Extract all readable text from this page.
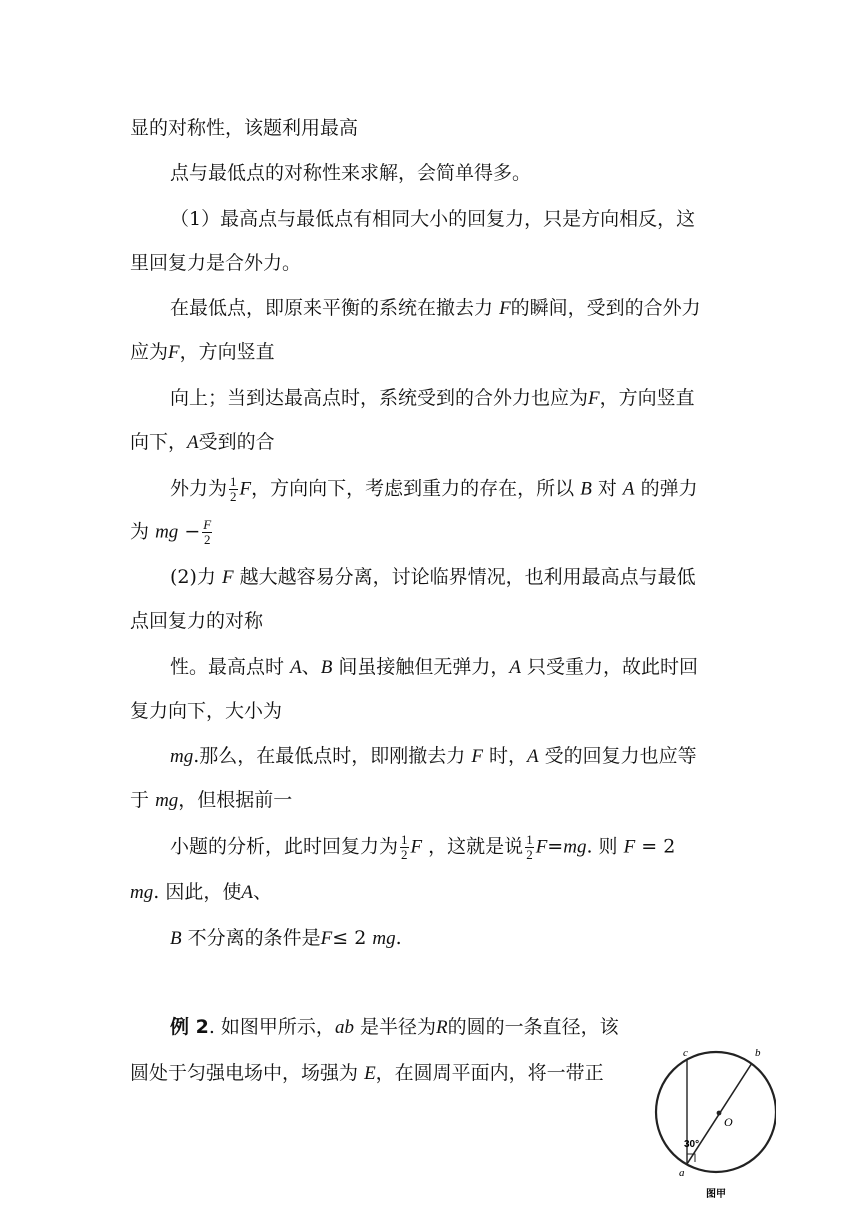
显的对称性，该题利用最高
点与最低点的对称性来求解，会简单得多。
（1）最高点与最低点有相同大小的回复力，只是方向相反，这
里回复力是合外力。
在最低点，即原来平衡的系统在撤去力 F的瞬间，受到的合外力
应为F，方向竖直
向上；当到达最高点时，系统受到的合外力也应为F，方向竖直
向下，A受到的合
外力为 $\frac{1}{2}$ F，方向向下，考虑到重力的存在，所以 B 对 A 的弹力
为 mg − $\frac{F}{2}$
(2)力 F 越大越容易分离，讨论临界情况，也利用最高点与最低
点回复力的对称
性。最高点时 A、B 间虽接触但无弹力，A 只受重力，故此时回
复力向下，大小为
mg.那么，在最低点时，即刚撤去力 F 时，A 受的回复力也应等
于 mg，但根据前一
小题的分析，此时回复力为 $\frac{1}{2}$ F ，这就是说 $\frac{1}{2} F=mg$. 则 F = 2
mg. 因此，使A、
B 不分离的条件是F≤ 2 mg.
例 2. 如图甲所示，ab 是半径为R的圆的一条直径，该
圆处于匀强电场中，场强为 E，在圆周平面内，将一带正
c	b
O
a
30°
图甲
